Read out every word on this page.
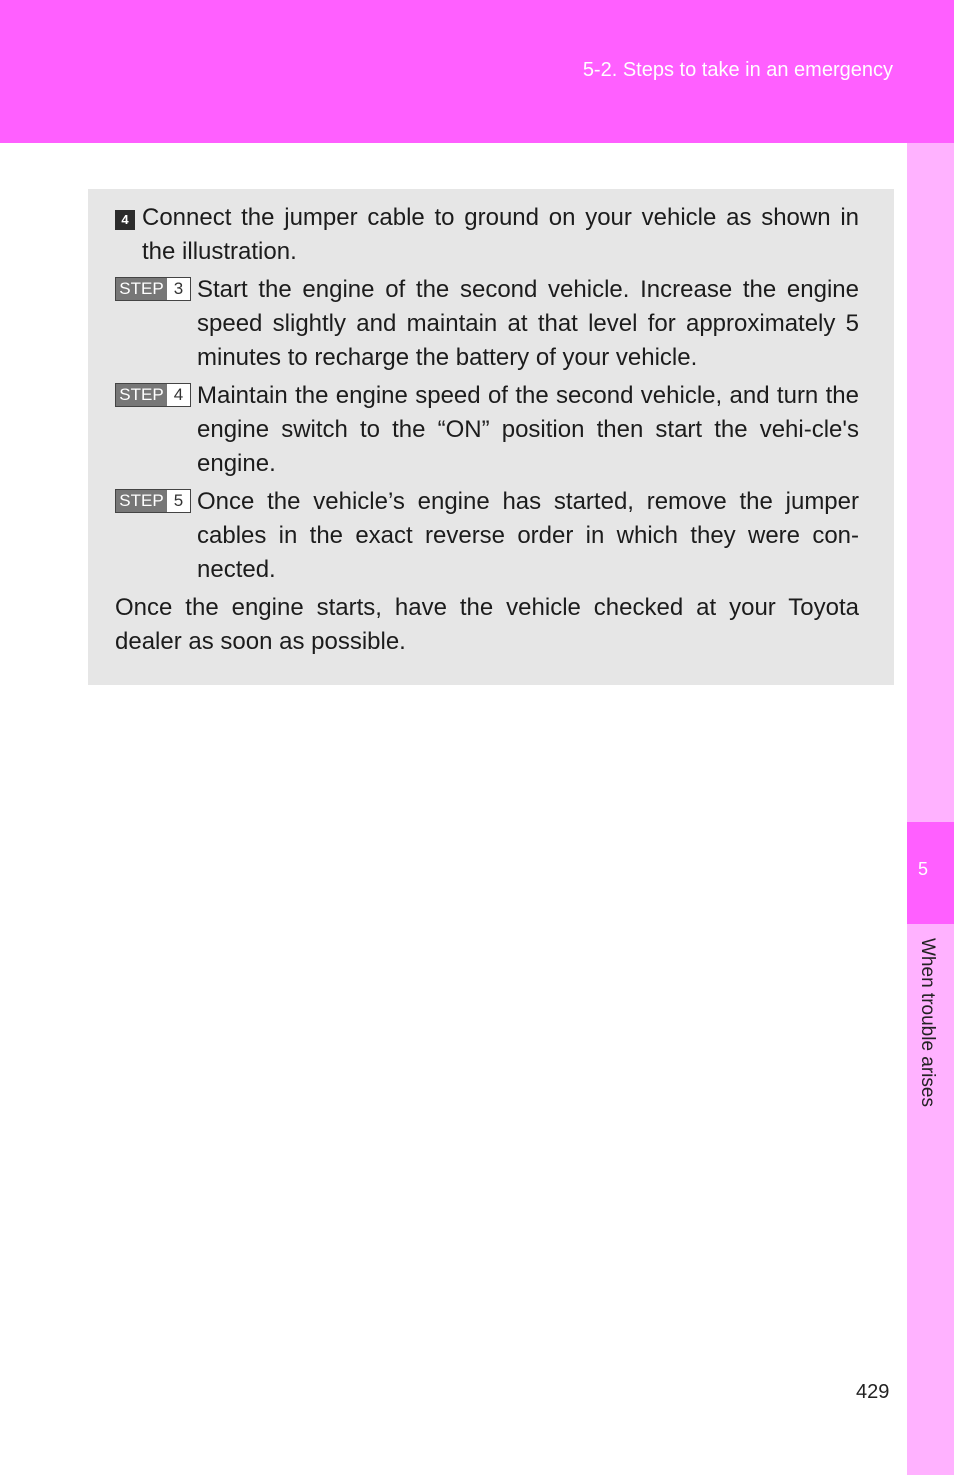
5-2. Steps to take in an emergency
5
When trouble arises
4 Connect the jumper cable to ground on your vehicle as shown in the illustration.
STEP 3 Start the engine of the second vehicle. Increase the engine speed slightly and maintain at that level for approximately 5 minutes to recharge the battery of your vehicle.
STEP 4 Maintain the engine speed of the second vehicle, and turn the engine switch to the “ON” position then start the vehi-cle's engine.
STEP 5 Once the vehicle’s engine has started, remove the jumper cables in the exact reverse order in which they were con-nected.
Once the engine starts, have the vehicle checked at your Toyota dealer as soon as possible.
429
